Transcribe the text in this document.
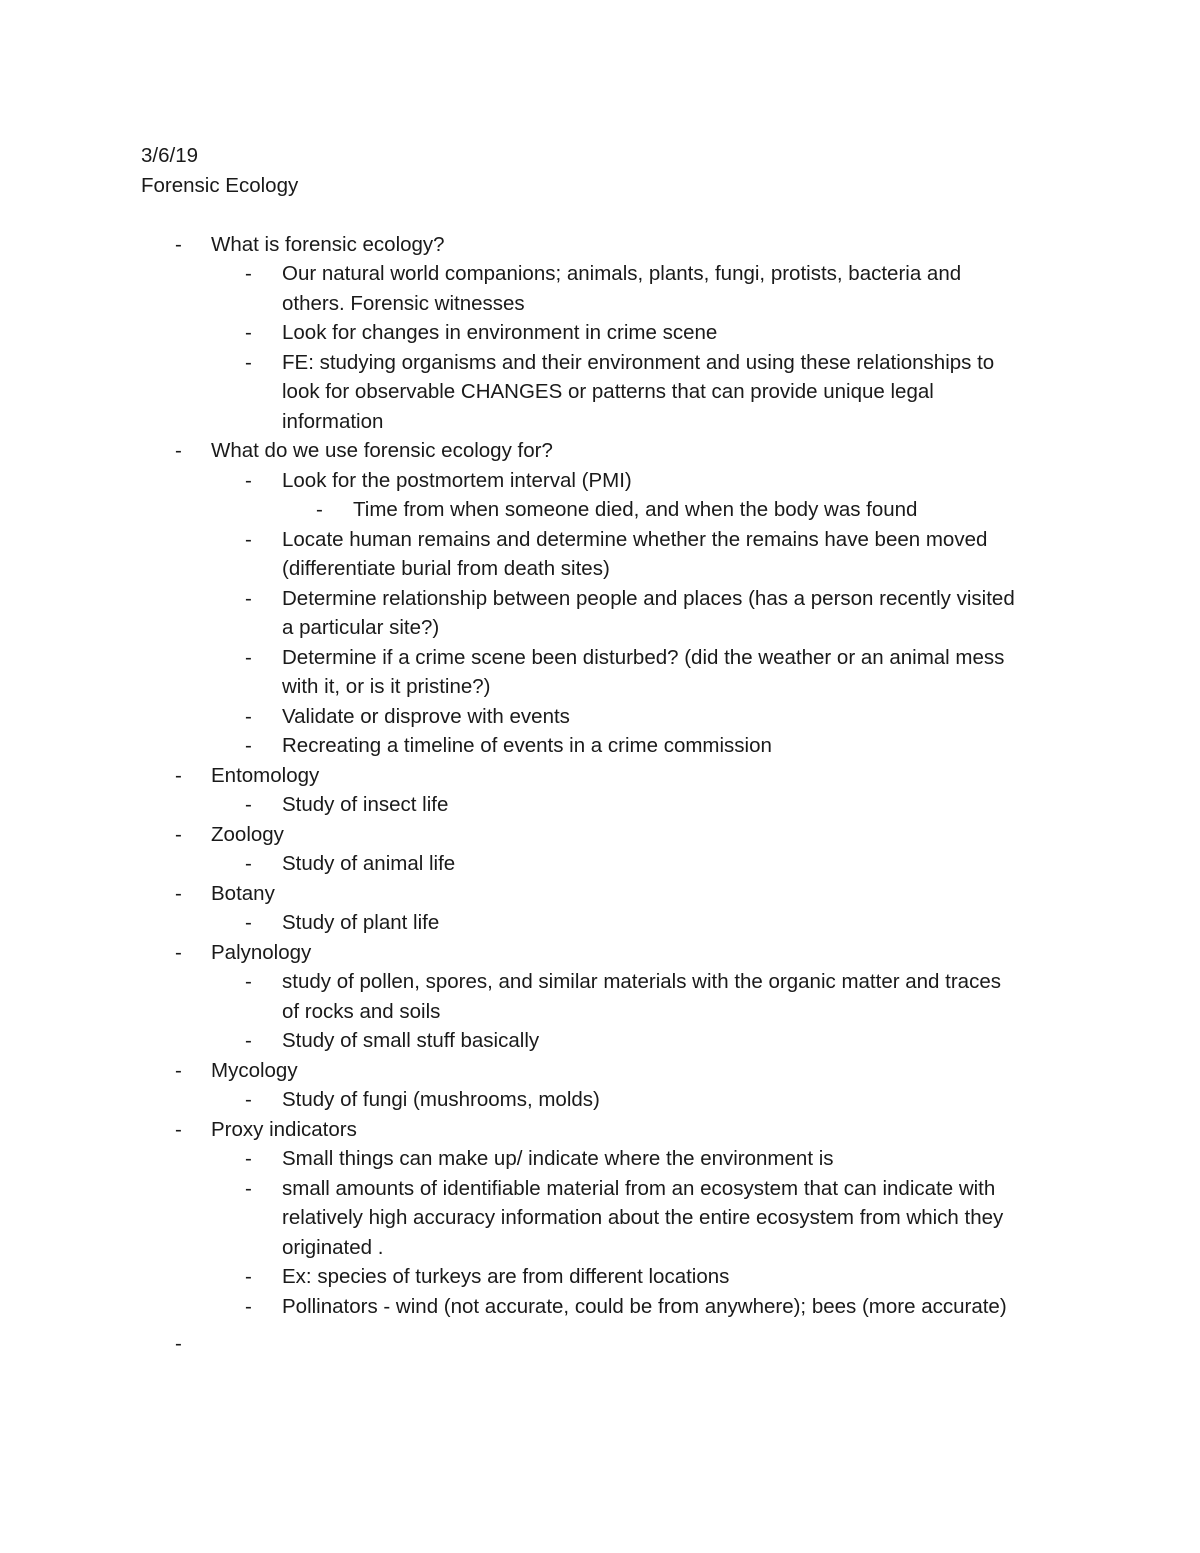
3/6/19

Forensic Ecology

- What is forensic ecology?
- Our natural world companions; animals, plants, fungi, protists, bacteria and
others. Forensic witnesses
- Look for changes in environment in crime scene
- FE: studying organisms and their environment and using these relationships to
look for observable CHANGES or patterns that can provide unique legal
information
- What do we use forensic ecology for?
- Look for the postmortem interval (PMI)
- Time from when someone died, and when the body was found
- Locate human remains and determine whether the remains have been moved
(differentiate burial from death sites)
- Determine relationship between people and places (has a person recently visited
a particular site?)
- Determine if a crime scene been disturbed? (did the weather or an animal mess
with it, or is it pristine?)
- Validate or disprove with events
- Recreating a timeline of events in a crime commission
- Entomology
- Study of insect life
- Zoology
- Study of animal life
- Botany
- Study of plant life
- Palynology
- study of pollen, spores, and similar materials with the organic matter and traces
of rocks and soils
- Study of small stuff basically
- Mycology
- Study of fungi (mushrooms, molds)
- Proxy indicators
- Small things can make up/ indicate where the environment is
- small amounts of identifiable material from an ecosystem that can indicate with
relatively high accuracy information about the entire ecosystem from which they
originated .
- Ex: species of turkeys are from different locations
- Pollinators - wind (not accurate, could be from anywhere); bees (more accurate)
-
